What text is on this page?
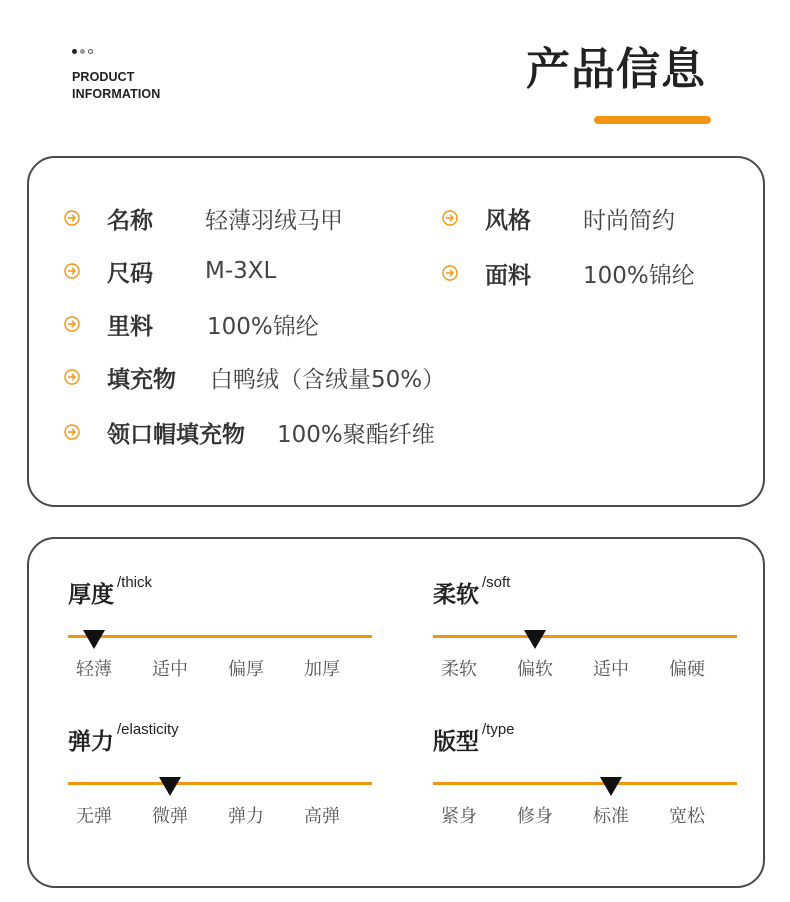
PRODUCT
INFORMATION	产品信息
名称 轻薄羽绒马甲	风格 时尚简约
尺码 M-3XL	面料 100%锦纶
里料 100%锦纶
填充物 白鸭绒（含绒量50%）
领口帽填充物 100%聚酯纤维
厚度 /thick
轻薄	适中	偏厚	加厚
柔软 /soft
柔软	偏软	适中	偏硬
弹力 /elasticity
无弹	微弹	弹力	高弹
版型 /type
紧身	修身	标准	宽松
